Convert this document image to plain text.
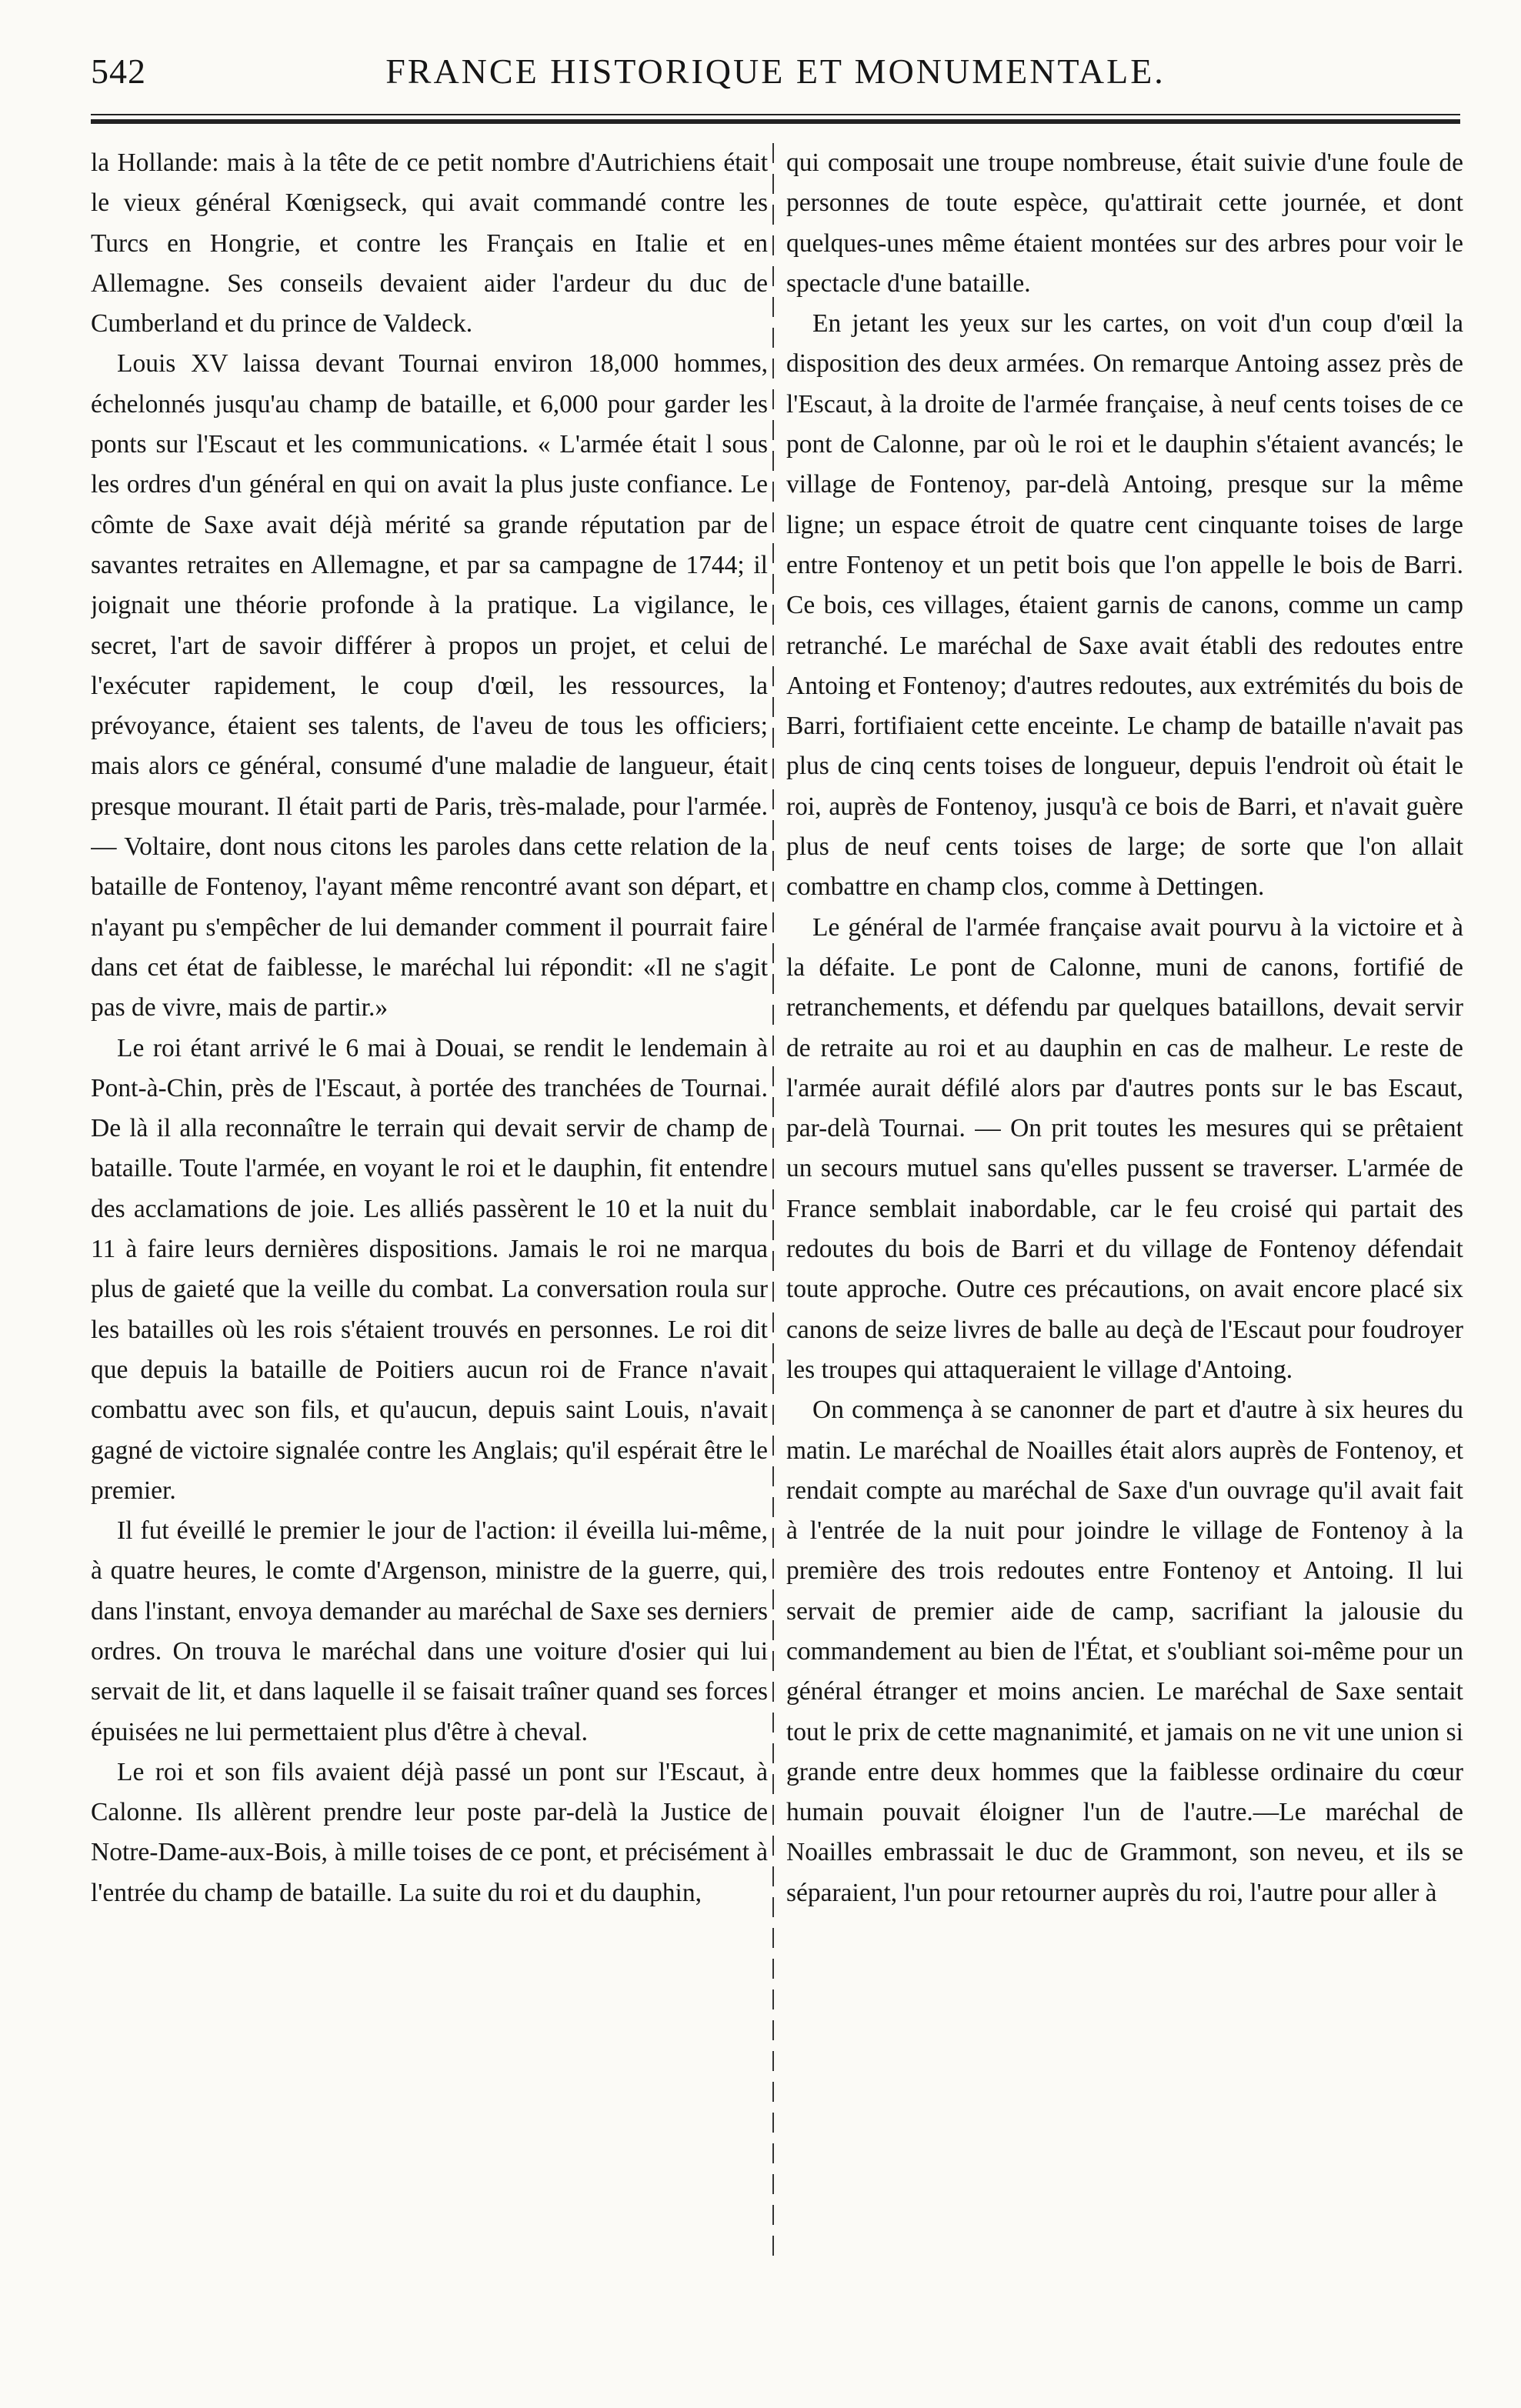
542	FRANCE HISTORIQUE ET MONUMENTALE.

la Hollande: mais à la tête de ce petit nombre d'Autrichiens était le vieux général Kœnigseck, qui avait commandé contre les Turcs en Hongrie, et contre les Français en Italie et en Allemagne. Ses conseils devaient aider l'ardeur du duc de Cumberland et du prince de Valdeck.

Louis XV laissa devant Tournai environ 18,000 hommes, échelonnés jusqu'au champ de bataille, et 6,000 pour garder les ponts sur l'Escaut et les communications. « L'armée était l sous les ordres d'un général en qui on avait la plus juste confiance. Le cômte de Saxe avait déjà mérité sa grande réputation par de savantes retraites en Allemagne, et par sa campagne de 1744; il joignait une théorie profonde à la pratique. La vigilance, le secret, l'art de savoir différer à propos un projet, et celui de l'exécuter rapidement, le coup d'œil, les ressources, la prévoyance, étaient ses talents, de l'aveu de tous les officiers; mais alors ce général, consumé d'une maladie de langueur, était presque mourant. Il était parti de Paris, très-malade, pour l'armée. — Voltaire, dont nous citons les paroles dans cette relation de la bataille de Fontenoy, l'ayant même rencontré avant son départ, et n'ayant pu s'empêcher de lui demander comment il pourrait faire dans cet état de faiblesse, le maréchal lui répondit: «Il ne s'agit pas de vivre, mais de partir.»

Le roi étant arrivé le 6 mai à Douai, se rendit le lendemain à Pont-à-Chin, près de l'Escaut, à portée des tranchées de Tournai. De là il alla reconnaître le terrain qui devait servir de champ de bataille. Toute l'armée, en voyant le roi et le dauphin, fit entendre des acclamations de joie. Les alliés passèrent le 10 et la nuit du 11 à faire leurs dernières dispositions. Jamais le roi ne marqua plus de gaieté que la veille du combat. La conversation roula sur les batailles où les rois s'étaient trouvés en personnes. Le roi dit que depuis la bataille de Poitiers aucun roi de France n'avait combattu avec son fils, et qu'aucun, depuis saint Louis, n'avait gagné de victoire signalée contre les Anglais; qu'il espérait être le premier.

Il fut éveillé le premier le jour de l'action: il éveilla lui-même, à quatre heures, le comte d'Argenson, ministre de la guerre, qui, dans l'instant, envoya demander au maréchal de Saxe ses derniers ordres. On trouva le maréchal dans une voiture d'osier qui lui servait de lit, et dans laquelle il se faisait traîner quand ses forces épuisées ne lui permettaient plus d'être à cheval.

Le roi et son fils avaient déjà passé un pont sur l'Escaut, à Calonne. Ils allèrent prendre leur poste par-delà la Justice de Notre-Dame-aux-Bois, à mille toises de ce pont, et précisément à l'entrée du champ de bataille. La suite du roi et du dauphin,

qui composait une troupe nombreuse, était suivie d'une foule de personnes de toute espèce, qu'attirait cette journée, et dont quelques-unes même étaient montées sur des arbres pour voir le spectacle d'une bataille.

En jetant les yeux sur les cartes, on voit d'un coup d'œil la disposition des deux armées. On remarque Antoing assez près de l'Escaut, à la droite de l'armée française, à neuf cents toises de ce pont de Calonne, par où le roi et le dauphin s'étaient avancés; le village de Fontenoy, par-delà Antoing, presque sur la même ligne; un espace étroit de quatre cent cinquante toises de large entre Fontenoy et un petit bois que l'on appelle le bois de Barri. Ce bois, ces villages, étaient garnis de canons, comme un camp retranché. Le maréchal de Saxe avait établi des redoutes entre Antoing et Fontenoy; d'autres redoutes, aux extrémités du bois de Barri, fortifiaient cette enceinte. Le champ de bataille n'avait pas plus de cinq cents toises de longueur, depuis l'endroit où était le roi, auprès de Fontenoy, jusqu'à ce bois de Barri, et n'avait guère plus de neuf cents toises de large; de sorte que l'on allait combattre en champ clos, comme à Dettingen.

Le général de l'armée française avait pourvu à la victoire et à la défaite. Le pont de Calonne, muni de canons, fortifié de retranchements, et défendu par quelques bataillons, devait servir de retraite au roi et au dauphin en cas de malheur. Le reste de l'armée aurait défilé alors par d'autres ponts sur le bas Escaut, par-delà Tournai. — On prit toutes les mesures qui se prêtaient un secours mutuel sans qu'elles pussent se traverser. L'armée de France semblait inabordable, car le feu croisé qui partait des redoutes du bois de Barri et du village de Fontenoy défendait toute approche. Outre ces précautions, on avait encore placé six canons de seize livres de balle au deçà de l'Escaut pour foudroyer les troupes qui attaqueraient le village d'Antoing.

On commença à se canonner de part et d'autre à six heures du matin. Le maréchal de Noailles était alors auprès de Fontenoy, et rendait compte au maréchal de Saxe d'un ouvrage qu'il avait fait à l'entrée de la nuit pour joindre le village de Fontenoy à la première des trois redoutes entre Fontenoy et Antoing. Il lui servait de premier aide de camp, sacrifiant la jalousie du commandement au bien de l'État, et s'oubliant soi-même pour un général étranger et moins ancien. Le maréchal de Saxe sentait tout le prix de cette magnanimité, et jamais on ne vit une union si grande entre deux hommes que la faiblesse ordinaire du cœur humain pouvait éloigner l'un de l'autre.—Le maréchal de Noailles embrassait le duc de Grammont, son neveu, et ils se séparaient, l'un pour retourner auprès du roi, l'autre pour aller à
